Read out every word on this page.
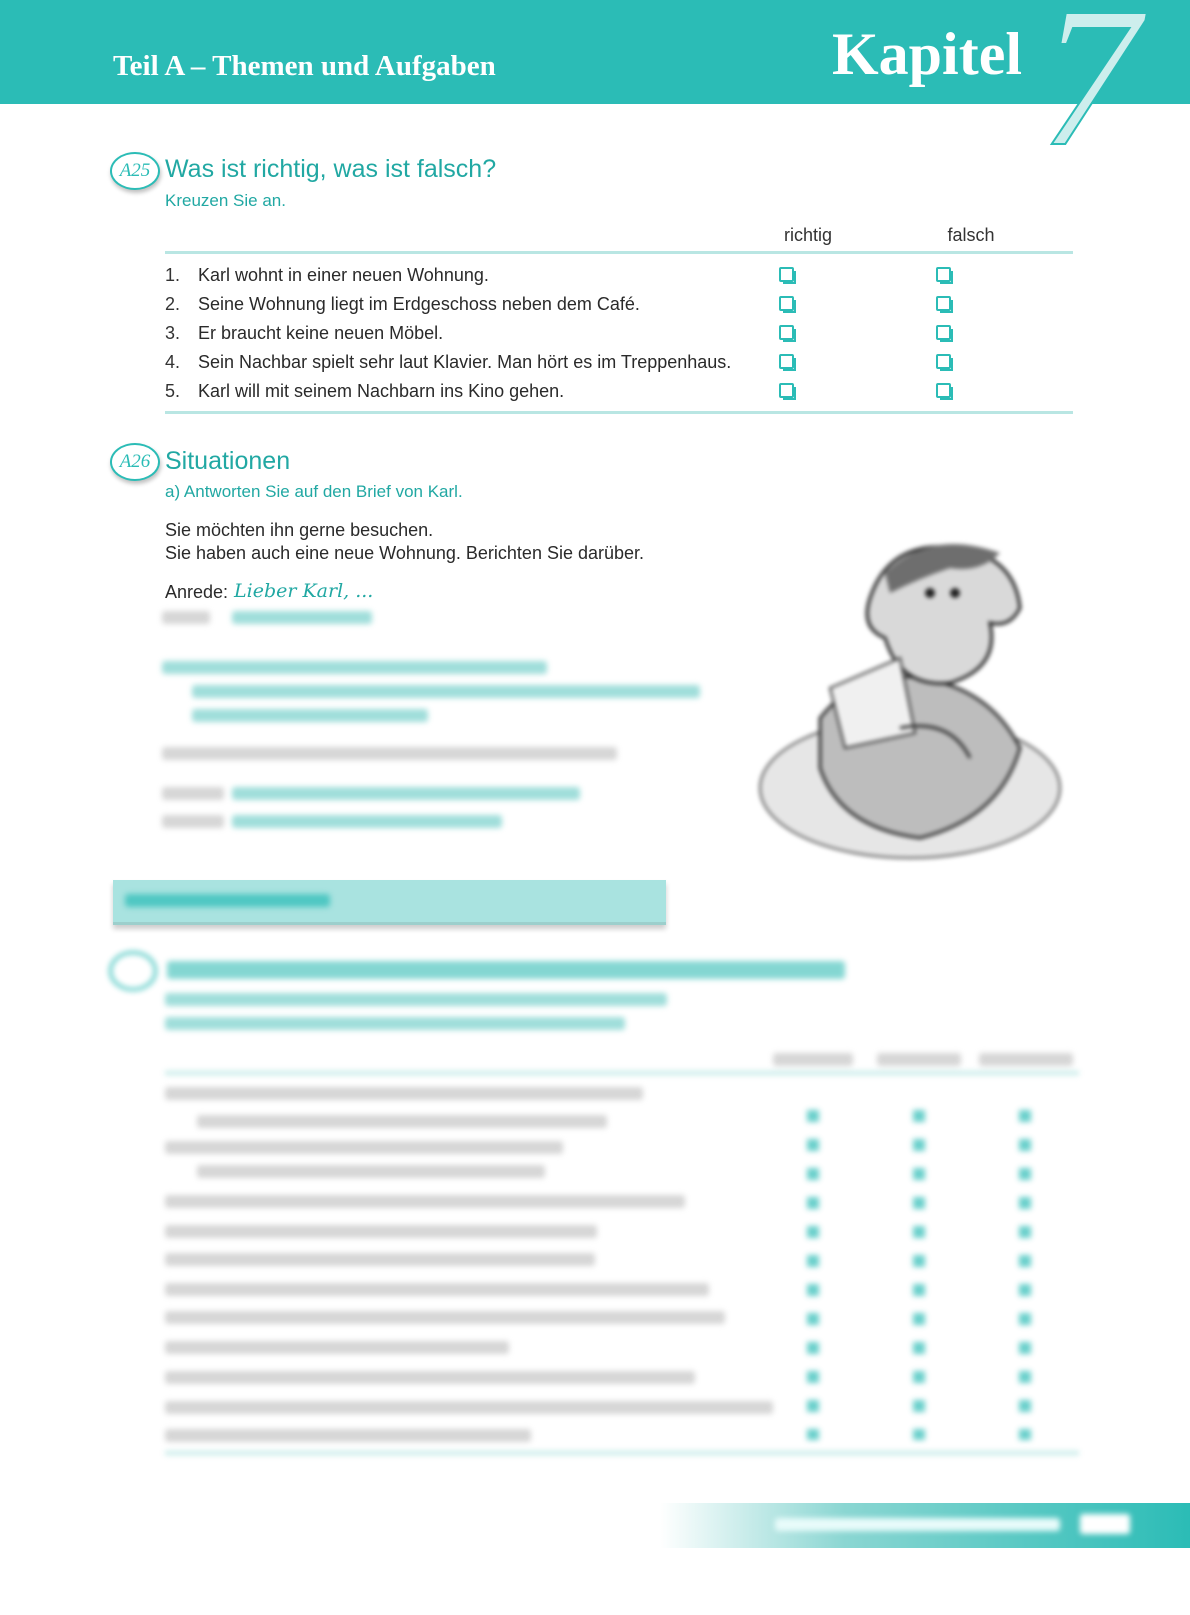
Teil A – Themen und Aufgaben	Kapitel 7
A25 Was ist richtig, was ist falsch?
Kreuzen Sie an.
richtig	falsch
1. Karl wohnt in einer neuen Wohnung.
2. Seine Wohnung liegt im Erdgeschoss neben dem Café.
3. Er braucht keine neuen Möbel.
4. Sein Nachbar spielt sehr laut Klavier. Man hört es im Treppenhaus.
5. Karl will mit seinem Nachbarn ins Kino gehen.
A26 Situationen
a) Antworten Sie auf den Brief von Karl.
Sie möchten ihn gerne besuchen.
Sie haben auch eine neue Wohnung. Berichten Sie darüber.
Anrede: Lieber Karl, ...
